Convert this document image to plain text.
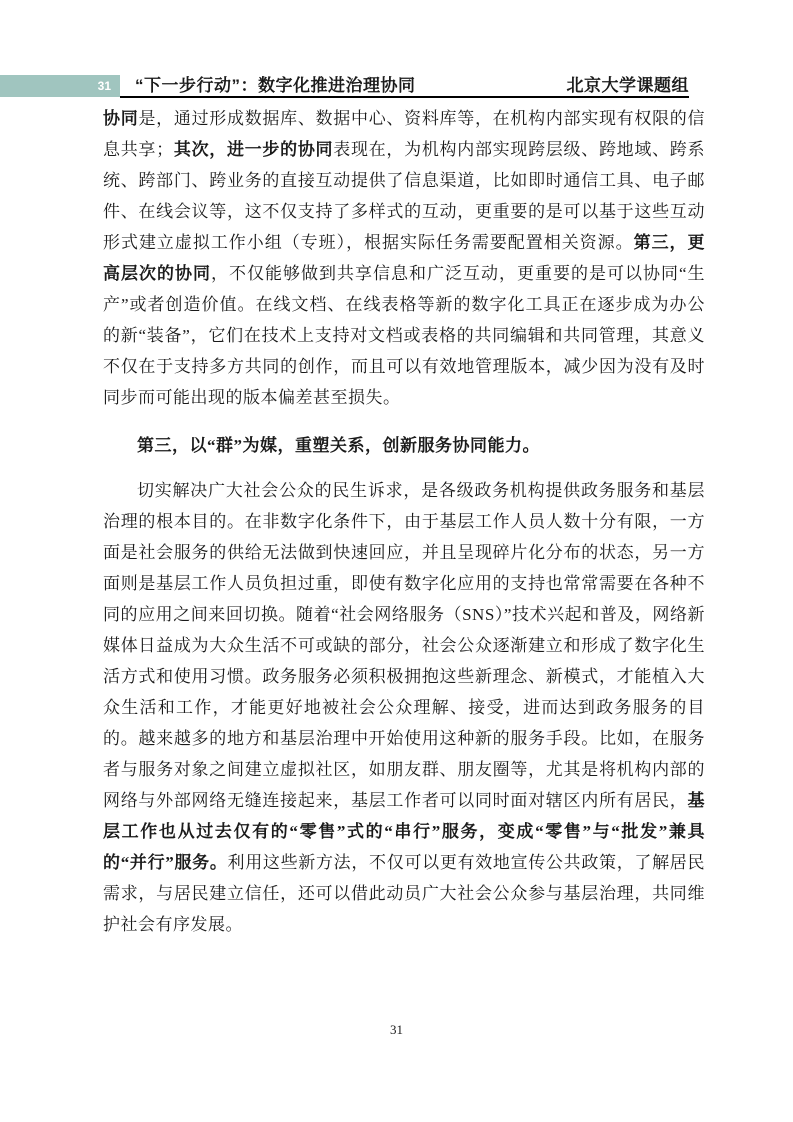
31 “下一步行动”：数字化推进治理协同	北京大学课题组

协同是，通过形成数据库、数据中心、资料库等，在机构内部实现有权限的信息共享；其次，进一步的协同表现在，为机构内部实现跨层级、跨地域、跨系统、跨部门、跨业务的直接互动提供了信息渠道，比如即时通信工具、电子邮件、在线会议等，这不仅支持了多样式的互动，更重要的是可以基于这些互动形式建立虚拟工作小组（专班），根据实际任务需要配置相关资源。第三，更高层次的协同，不仅能够做到共享信息和广泛互动，更重要的是可以协同“生产”或者创造价值。在线文档、在线表格等新的数字化工具正在逐步成为办公的新“装备”，它们在技术上支持对文档或表格的共同编辑和共同管理，其意义不仅在于支持多方共同的创作，而且可以有效地管理版本，减少因为没有及时同步而可能出现的版本偏差甚至损失。

第三，以“群”为媒，重塑关系，创新服务协同能力。

切实解决广大社会公众的民生诉求，是各级政务机构提供政务服务和基层治理的根本目的。在非数字化条件下，由于基层工作人员人数十分有限，一方面是社会服务的供给无法做到快速回应，并且呈现碎片化分布的状态，另一方面则是基层工作人员负担过重，即使有数字化应用的支持也常常需要在各种不同的应用之间来回切换。随着“社会网络服务（SNS）”技术兴起和普及，网络新媒体日益成为大众生活不可或缺的部分，社会公众逐渐建立和形成了数字化生活方式和使用习惯。政务服务必须积极拥抱这些新理念、新模式，才能植入大众生活和工作，才能更好地被社会公众理解、接受，进而达到政务服务的目的。越来越多的地方和基层治理中开始使用这种新的服务手段。比如，在服务者与服务对象之间建立虚拟社区，如朋友群、朋友圈等，尤其是将机构内部的网络与外部网络无缝连接起来，基层工作者可以同时面对辖区内所有居民，基层工作也从过去仅有的“零售”式的“串行”服务，变成“零售”与“批发”兼具的“并行”服务。利用这些新方法，不仅可以更有效地宣传公共政策，了解居民需求，与居民建立信任，还可以借此动员广大社会公众参与基层治理，共同维护社会有序发展。

31
